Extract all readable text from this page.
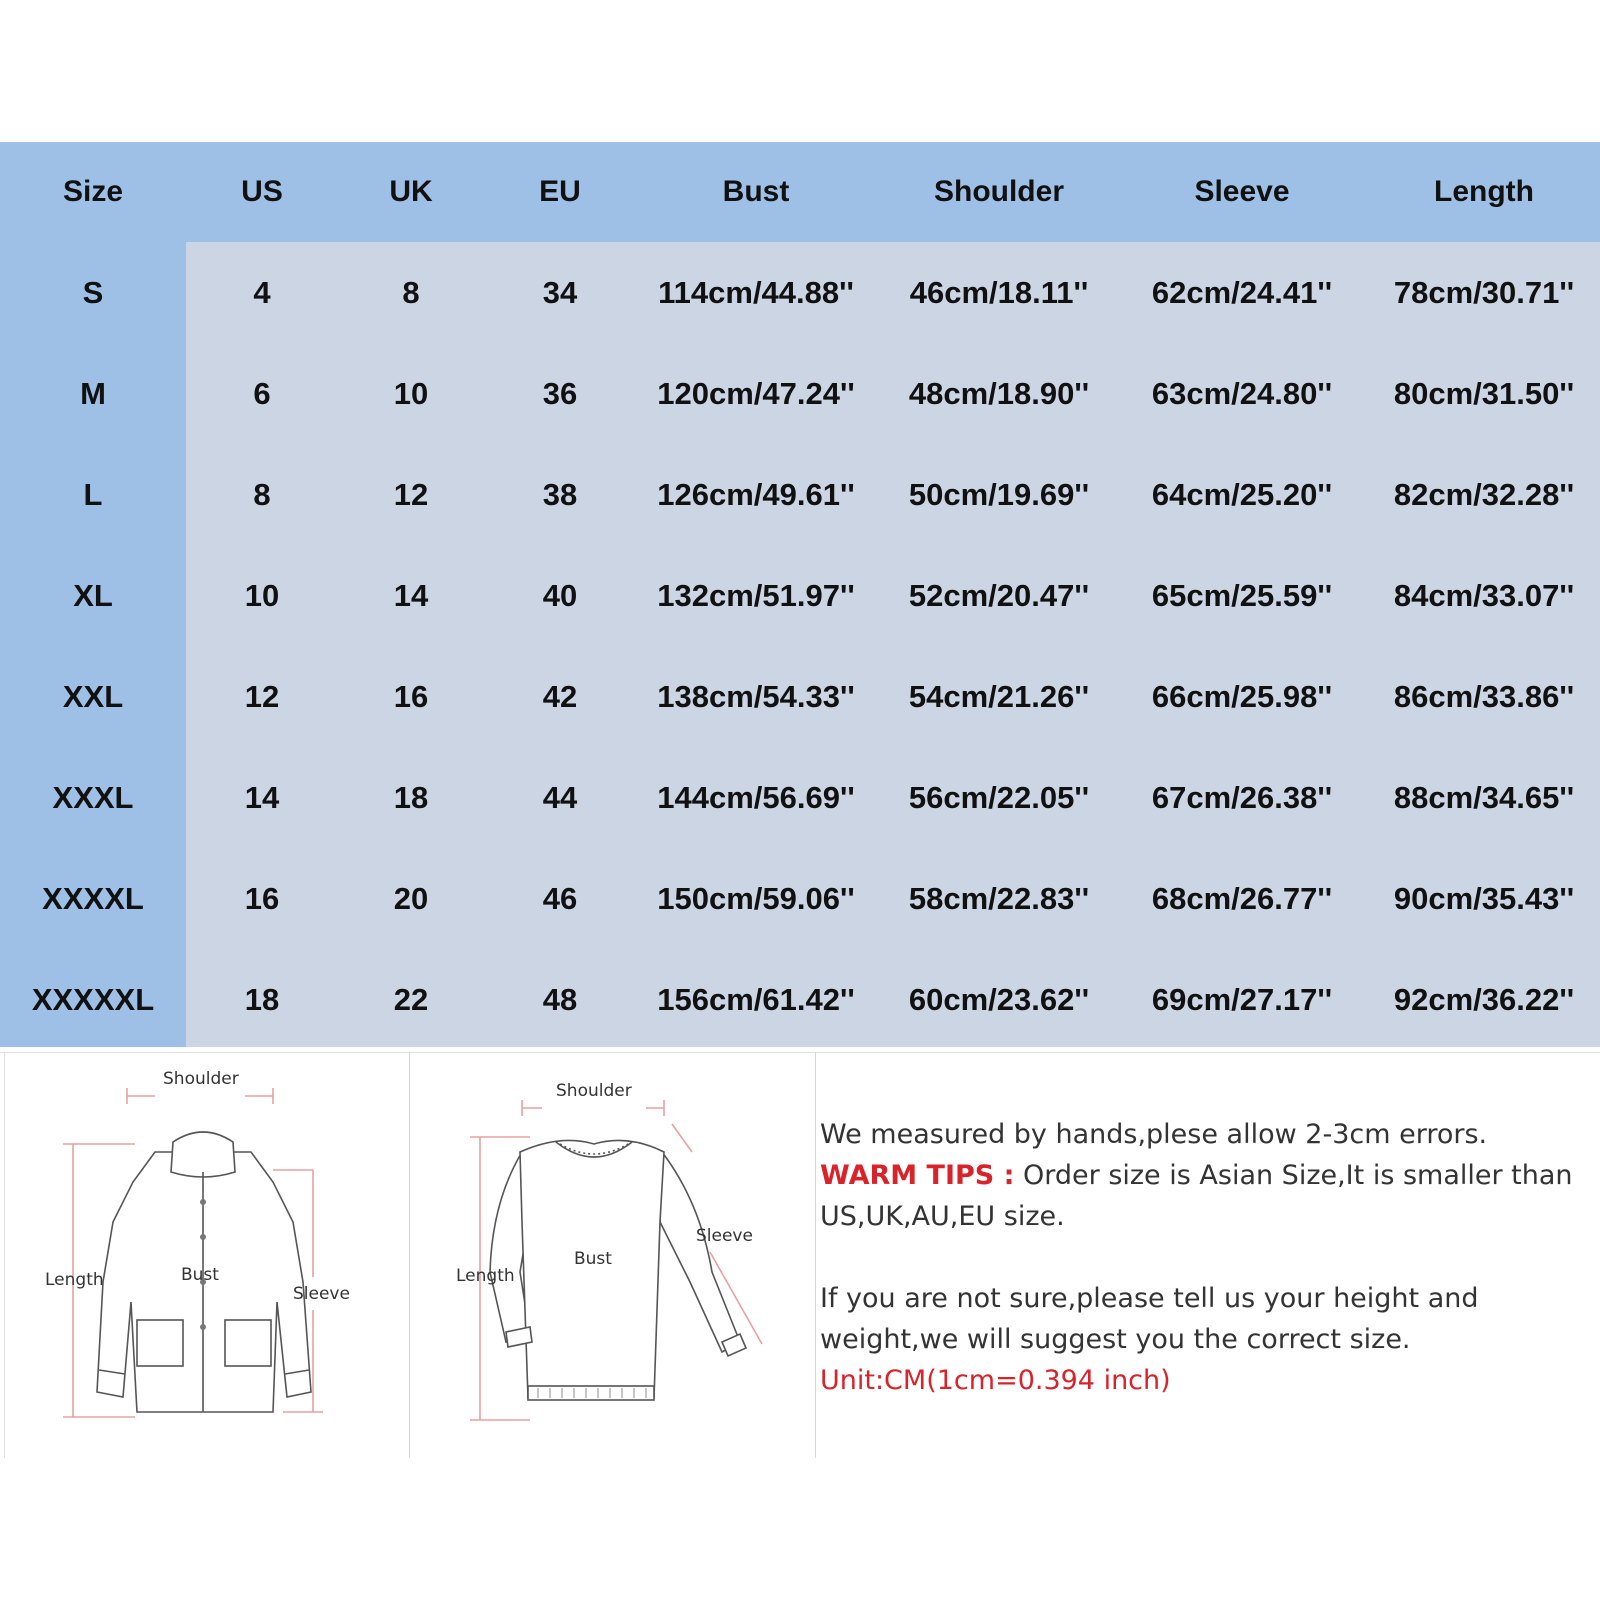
Size	US	UK	EU	Bust	Shoulder	Sleeve	Length
S	4	8	34	114cm/44.88''	46cm/18.11''	62cm/24.41''	78cm/30.71''
M	6	10	36	120cm/47.24''	48cm/18.90''	63cm/24.80''	80cm/31.50''
L	8	12	38	126cm/49.61''	50cm/19.69''	64cm/25.20''	82cm/32.28''
XL	10	14	40	132cm/51.97''	52cm/20.47''	65cm/25.59''	84cm/33.07''
XXL	12	16	42	138cm/54.33''	54cm/21.26''	66cm/25.98''	86cm/33.86''
XXXL	14	18	44	144cm/56.69''	56cm/22.05''	67cm/26.38''	88cm/34.65''
XXXXL	16	20	46	150cm/59.06''	58cm/22.83''	68cm/26.77''	90cm/35.43''
XXXXXL	18	22	48	156cm/61.42''	60cm/23.62''	69cm/27.17''	92cm/36.22''
Shoulder
Length	Bust
Sleeve
Shoulder
Length
Bust
Sleeve

We measured by hands,plese allow 2-3cm errors.

WARM TIPS : Order size is Asian Size,It is smaller than US,UK,AU,EU size.

If you are not sure,please tell us your height and weight,we will suggest you the correct size.

Unit:CM(1cm=0.394 inch)
